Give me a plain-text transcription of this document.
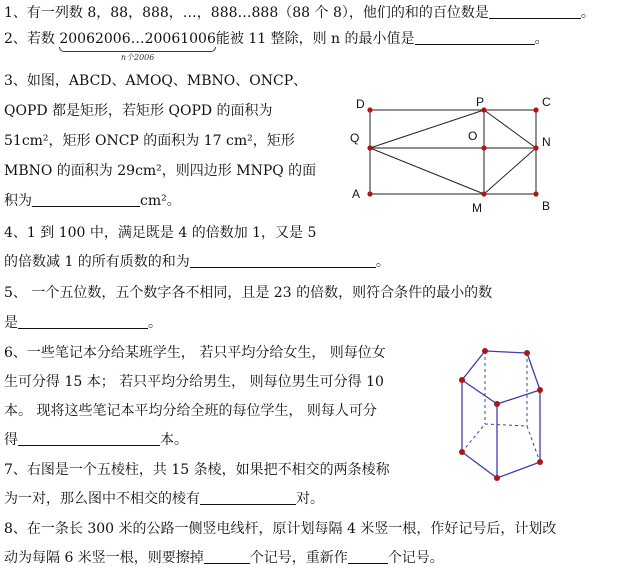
1、有一列数 8，88，888，…，888…888（88 个 8），他们的和的百位数是	。
2、若数 20062006…20061006
n个2006
能被 11 整除，则 n 的最小值是	。
3、如图，ABCD、AMOQ、MBNO、ONCP、
QOPD 都是矩形，若矩形 QOPD 的面积为
51cm²，矩形 ONCP 的面积为 17 cm²，矩形
MBNO 的面积为 29cm²，则四边形 MNPQ 的面
积为	cm²。
D	P	C
Q	O	N
A
M	B
4、1 到 100 中，满足既是 4 的倍数加 1，又是 5
的倍数减 1 的所有质数的和为	。
5、 一个五位数，五个数字各不相同，且是 23 的倍数，则符合条件的最小的数
是	。
6、一些笔记本分给某班学生， 若只平均分给女生， 则每位女
生可分得 15 本； 若只平均分给男生， 则每位男生可分得 10
本。 现将这些笔记本平均分给全班的每位学生， 则每人可分
得	本。
7、右图是一个五棱柱，共 15 条棱，如果把不相交的两条棱称
为一对，那么图中不相交的棱有	对。
8、在一条长 300 米的公路一侧竖电线杆，原计划每隔 4 米竖一根，作好记号后，计划改
动为每隔 6 米竖一根，则要擦掉	个记号，重新作	个记号。
